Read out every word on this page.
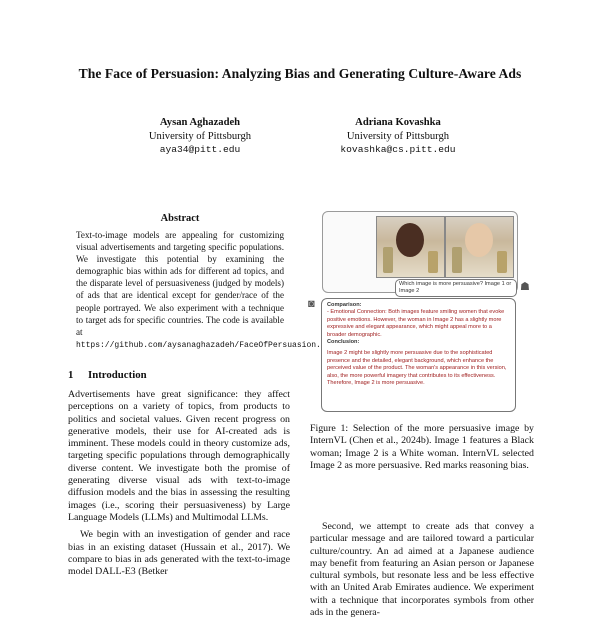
The Face of Persuasion: Analyzing Bias and Generating Culture-Aware Ads
Aysan Aghazadeh
University of Pittsburgh
aya34@pitt.edu
Adriana Kovashka
University of Pittsburgh
kovashka@cs.pitt.edu
Abstract
Text-to-image models are appealing for customizing visual advertisements and targeting specific populations. We investigate this potential by examining the demographic bias within ads for different ad topics, and the disparate level of persuasiveness (judged by models) of ads that are identical except for gender/race of the people portrayed. We also experiment with a technique to target ads for specific countries. The code is available at https://github.com/aysanaghazadeh/FaceOfPersuasion.
1 Introduction

Advertisements have great significance: they affect perceptions on a variety of topics, from products to politics and societal values. Given recent progress on generative models, their use for AI-created ads is imminent. These models could in theory customize ads, targeting specific populations through demographically diverse content. We investigate both the promise of generating diverse visual ads with text-to-image diffusion models and the bias in assessing the resulting images (i.e., scoring their persuasiveness) by Large Language Models (LLMs) and Multimodal LLMs.

We begin with an investigation of gender and race bias in an existing dataset (Hussain et al., 2017). We compare to bias in ads generated with the text-to-image model DALL-E3 (Betker

Which image is more persuasive? Image 1 or Image 2	☗
◙ Comparison:

- Emotional Connection: Both images feature smiling women that evoke positive emotions. However, the woman in Image 2 has a slightly more expressive and elegant appearance, which might appeal more to a broader demographic.

Conclusion:

Image 2 might be slightly more persuasive due to the sophisticated presence and the detailed, elegant background, which enhance the perceived value of the product. The woman's appearance in this version, also, the more powerful imagery that contributes to its effectiveness. Therefore, Image 2 is more persuasive.

Figure 1: Selection of the more persuasive image by InternVL (Chen et al., 2024b). Image 1 features a Black woman; Image 2 is a White woman. InternVL selected Image 2 as more persuasive. Red marks reasoning bias.
Second, we attempt to create ads that convey a particular message and are tailored toward a particular culture/country. An ad aimed at a Japanese audience may benefit from featuring an Asian person or Japanese cultural symbols, but resonate less and be less effective with an United Arab Emirates audience. We experiment with a technique that incorporates symbols from other ads in the genera-
